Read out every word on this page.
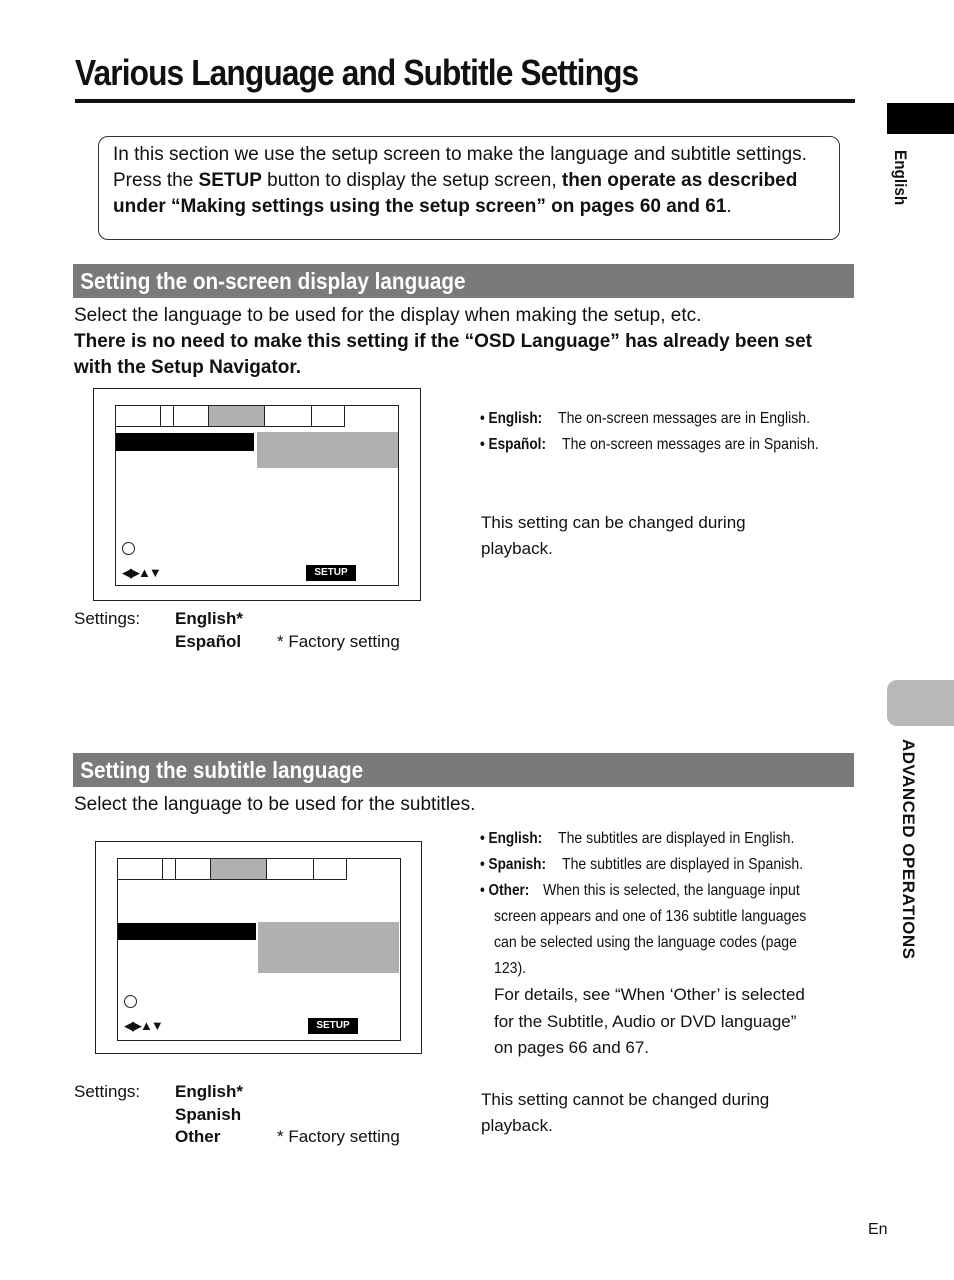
Various Language and Subtitle Settings
English
ADVANCED OPERATIONS
In this section we use the setup screen to make the language and subtitle settings. Press the SETUP button to display the setup screen, then operate as described under “Making settings using the setup screen” on pages 60 and 61.
Setting the on-screen display language
Select the language to be used for the display when making the setup, etc.
There is no need to make this setting if the “OSD Language” has already been set with the Setup Navigator.
◀▶▲▼	SETUP
• English: The on-screen messages are in English.
• Español: The on-screen messages are in Spanish.
This setting can be changed during playback.
Settings: English*
Español * Factory setting
Setting the subtitle language
Select the language to be used for the subtitles.
◀▶▲▼	SETUP
• English: The subtitles are displayed in English.
• Spanish: The subtitles are displayed in Spanish.
• Other: When this is selected, the language input
screen appears and one of 136 subtitle languages
can be selected using the language codes (page
123).
For details, see “When ‘Other’ is selected
for the Subtitle, Audio or DVD language”
on pages 66 and 67.
This setting cannot be changed during playback.
Settings: English*
Spanish
Other	* Factory setting
En
